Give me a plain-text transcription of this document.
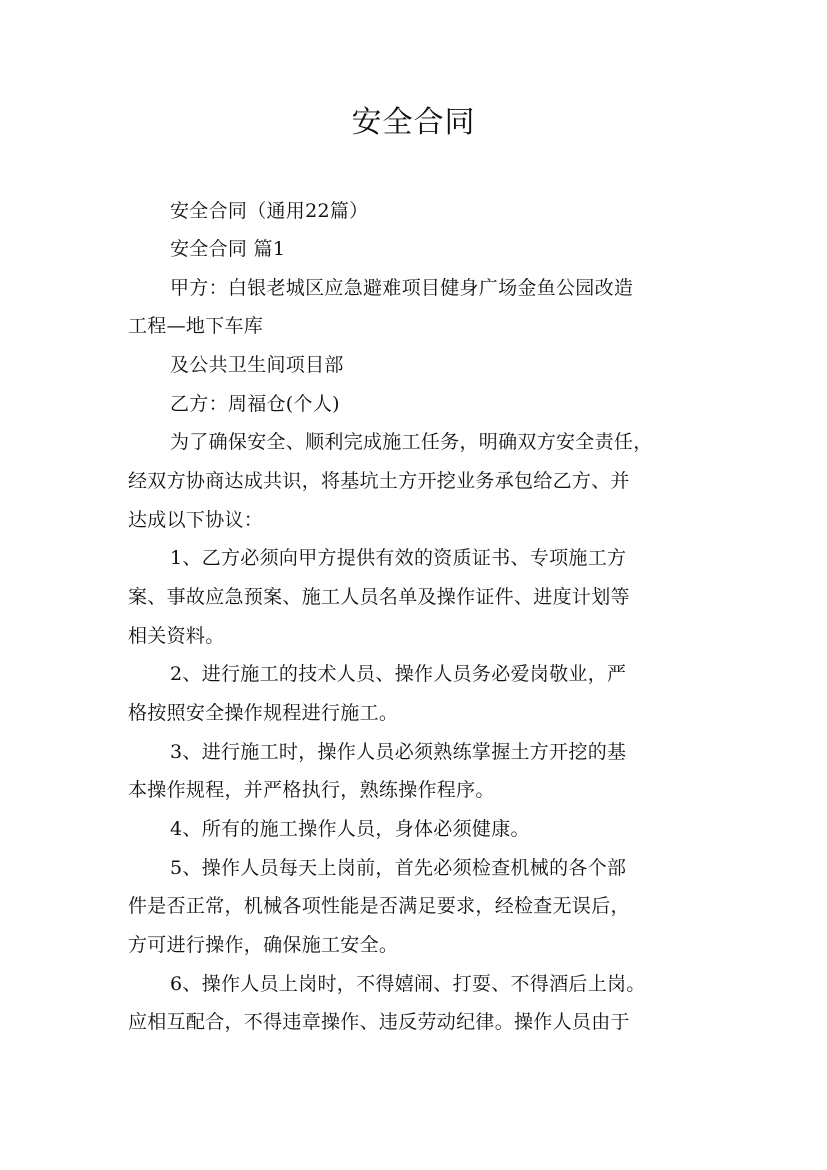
安全合同
安全合同（通用22篇）
安全合同 篇1
甲方：白银老城区应急避难项目健身广场金鱼公园改造
工程—地下车库
及公共卫生间项目部
乙方：周福仓(个人)
为了确保安全、顺利完成施工任务，明确双方安全责任，
经双方协商达成共识，将基坑土方开挖业务承包给乙方、并
达成以下协议：
1、乙方必须向甲方提供有效的资质证书、专项施工方
案、事故应急预案、施工人员名单及操作证件、进度计划等
相关资料。
2、进行施工的技术人员、操作人员务必爱岗敬业，严
格按照安全操作规程进行施工。
3、进行施工时，操作人员必须熟练掌握土方开挖的基
本操作规程，并严格执行，熟练操作程序。
4、所有的施工操作人员，身体必须健康。
5、操作人员每天上岗前，首先必须检查机械的各个部
件是否正常，机械各项性能是否满足要求，经检查无误后，
方可进行操作，确保施工安全。
6、操作人员上岗时，不得嬉闹、打耍、不得酒后上岗。
应相互配合，不得违章操作、违反劳动纪律。操作人员由于
